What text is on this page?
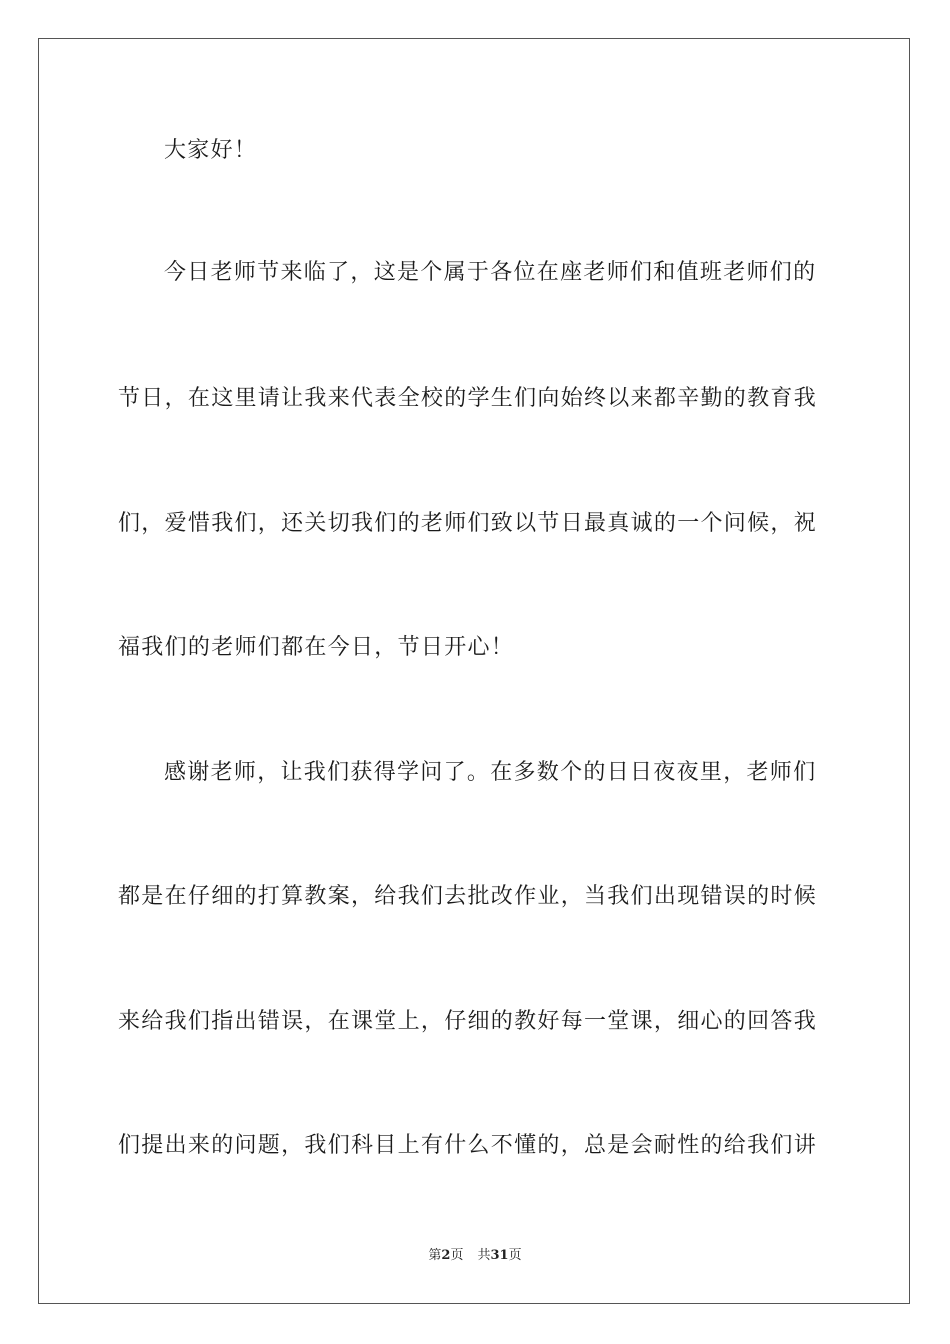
大家好！
今日老师节来临了，这是个属于各位在座老师们和值班老师们的
节日，在这里请让我来代表全校的学生们向始终以来都辛勤的教育我
们，爱惜我们，还关切我们的老师们致以节日最真诚的一个问候，祝
福我们的老师们都在今日，节日开心！
感谢老师，让我们获得学问了。在多数个的日日夜夜里，老师们
都是在仔细的打算教案，给我们去批改作业，当我们出现错误的时候
来给我们指出错误，在课堂上，仔细的教好每一堂课，细心的回答我
们提出来的问题，我们科目上有什么不懂的，总是会耐性的给我们讲
第2页 共31页
